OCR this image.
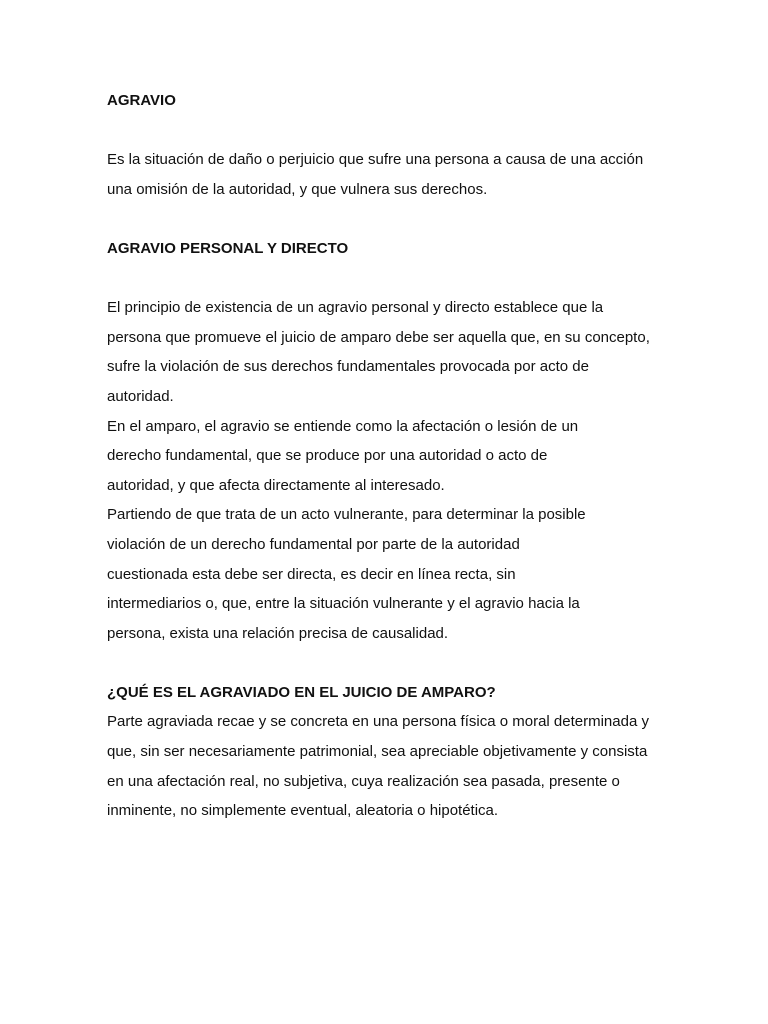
AGRAVIO
Es la situación de daño o perjuicio que sufre una persona a causa de una acción
una omisión de la autoridad, y que vulnera sus derechos.
AGRAVIO PERSONAL Y DIRECTO
El principio de existencia de un agravio personal y directo establece que la
persona que promueve el juicio de amparo debe ser aquella que, en su concepto,
sufre la violación de sus derechos fundamentales provocada por acto de
autoridad.
En el amparo, el agravio se entiende como la afectación o lesión de un
derecho fundamental, que se produce por una autoridad o acto de
autoridad, y que afecta directamente al interesado.
Partiendo de que trata de un acto vulnerante, para determinar la posible
violación de un derecho fundamental por parte de la autoridad
cuestionada esta debe ser directa, es decir en línea recta, sin
intermediarios o, que, entre la situación vulnerante y el agravio hacia la
persona, exista una relación precisa de causalidad.
¿QUÉ ES EL AGRAVIADO EN EL JUICIO DE AMPARO?
Parte agraviada recae y se concreta en una persona física o moral determinada y
que, sin ser necesariamente patrimonial, sea apreciable objetivamente y consista
en una afectación real, no subjetiva, cuya realización sea pasada, presente o
inminente, no simplemente eventual, aleatoria o hipotética.
